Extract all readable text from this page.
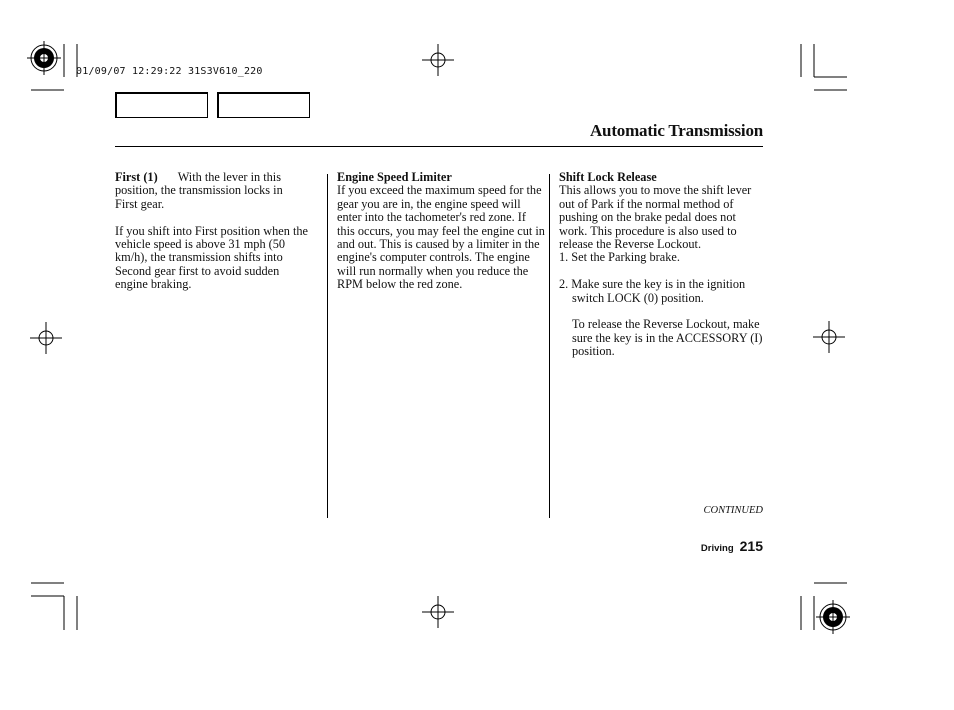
01/09/07 12:29:22 31S3V610_220
Automatic Transmission

First (1) With the lever in this

position, the transmission locks in

First gear.

If you shift into First position when the vehicle speed is above 31 mph (50 km/h), the transmission shifts into Second gear first to avoid sudden engine braking.

Engine Speed Limiter

If you exceed the maximum speed for the gear you are in, the engine speed will enter into the tachometer's red zone. If this occurs, you may feel the engine cut in and out. This is caused by a limiter in the engine's computer controls. The engine will run normally when you reduce the RPM below the red zone.

Shift Lock Release

This allows you to move the shift lever out of Park if the normal method of pushing on the brake pedal does not work. This procedure is also used to release the Reverse Lockout.

1. Set the Parking brake.

2. Make sure the key is in the ignition switch LOCK (0) position.

To release the Reverse Lockout, make sure the key is in the ACCESSORY (I) position.

CONTINUED
Driving 215
